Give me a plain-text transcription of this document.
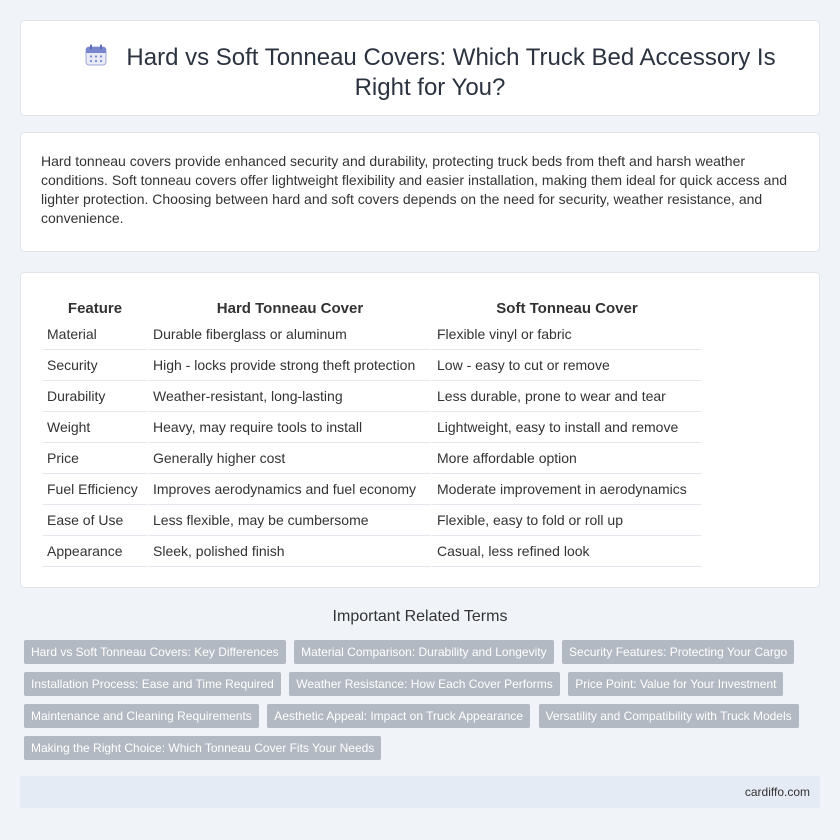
Hard vs Soft Tonneau Covers: Which Truck Bed Accessory Is Right for You?

Hard tonneau covers provide enhanced security and durability, protecting truck beds from theft and harsh weather conditions. Soft tonneau covers offer lightweight flexibility and easier installation, making them ideal for quick access and lighter protection. Choosing between hard and soft covers depends on the need for security, weather resistance, and convenience.

Feature	Hard Tonneau Cover	Soft Tonneau Cover
Material	Durable fiberglass or aluminum	Flexible vinyl or fabric
Security	High - locks provide strong theft protection	Low - easy to cut or remove
Durability	Weather-resistant, long-lasting	Less durable, prone to wear and tear
Weight	Heavy, may require tools to install	Lightweight, easy to install and remove
Price	Generally higher cost	More affordable option
Fuel Efficiency	Improves aerodynamics and fuel economy	Moderate improvement in aerodynamics
Ease of Use	Less flexible, may be cumbersome	Flexible, easy to fold or roll up
Appearance	Sleek, polished finish	Casual, less refined look
Important Related Terms
Hard vs Soft Tonneau Covers: Key Differences Material Comparison: Durability and Longevity Security Features: Protecting Your Cargo Installation Process: Ease and Time Required Weather Resistance: How Each Cover Performs Price Point: Value for Your Investment Maintenance and Cleaning Requirements Aesthetic Appeal: Impact on Truck Appearance Versatility and Compatibility with Truck Models Making the Right Choice: Which Tonneau Cover Fits Your Needs
cardiffo.com
